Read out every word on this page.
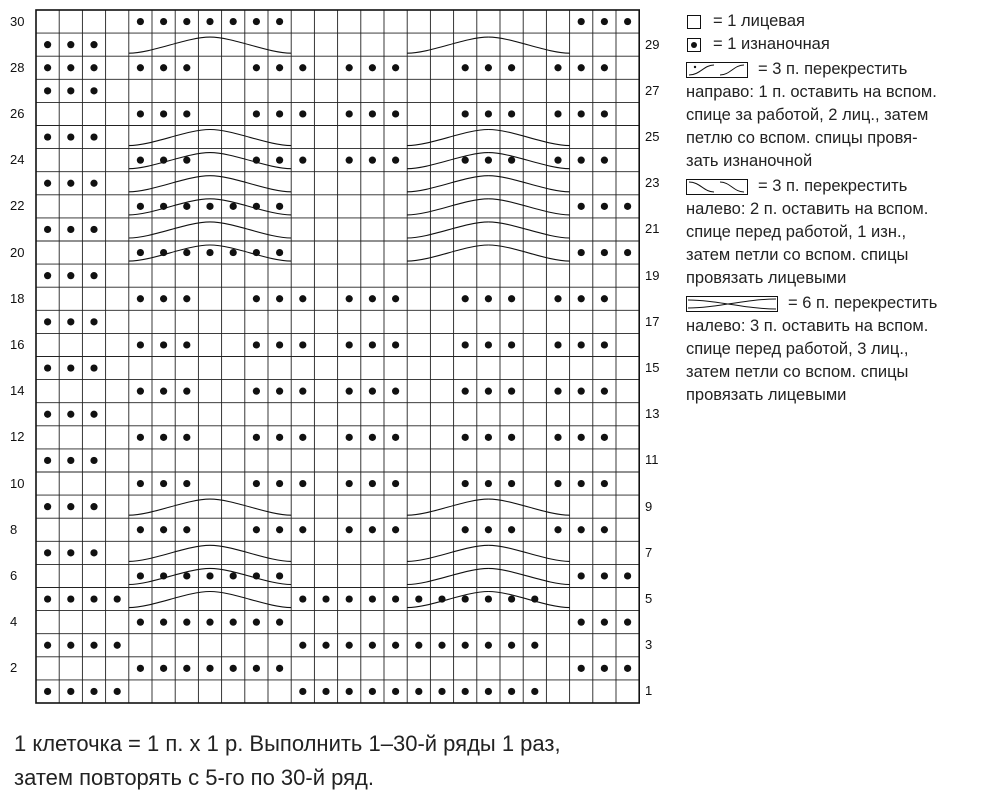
30
28
26
24
22
20
18
16
14
12
10
8
6
4
2
29
27
25
23
21
19
17
15
13
11
9
7
5
3
1
= 1 лицевая
= 1 изнаночная
= 3 п. перекрестить
направо: 1 п. оставить на вспом.
спице за работой, 2 лиц., затем
петлю со вспом. спицы провя-
зать изнаночной
= 3 п. перекрестить
налево: 2 п. оставить на вспом.
спице перед работой, 1 изн.,
затем петли со вспом. спицы
провязать лицевыми
= 6 п. перекрестить
налево: 3 п. оставить на вспом.
спице перед работой, 3 лиц.,
затем петли со вспом. спицы
провязать лицевыми
1 клеточка = 1 п. х 1 р. Выполнить 1–30-й ряды 1 раз,
затем повторять с 5-го по 30-й ряд.
